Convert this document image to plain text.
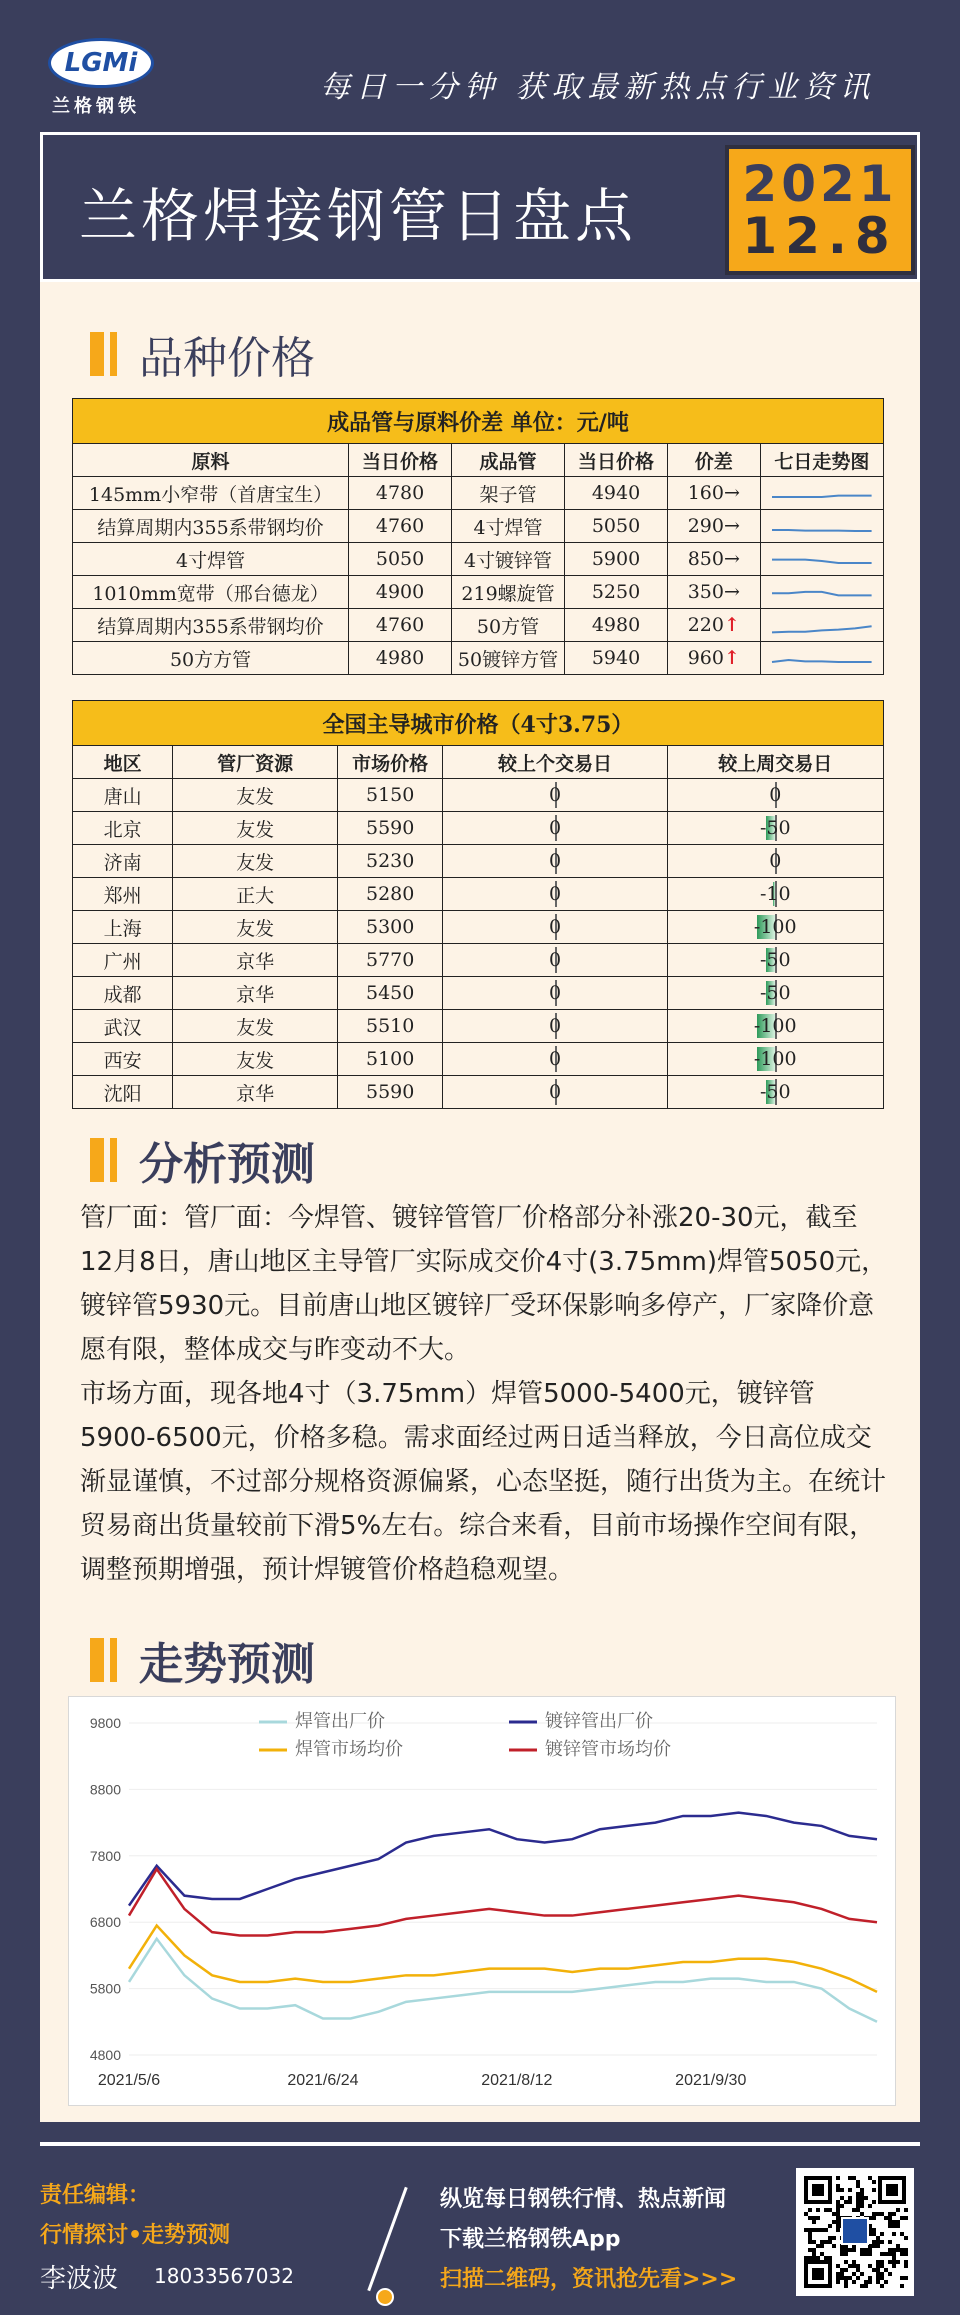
LGMi
兰格钢铁
每日一分钟 获取最新热点行业资讯
兰格焊接钢管日盘点 2021
12.8
品种价格
成品管与原料价差 单位：元/吨					
原料	当日价格	成品管	当日价格	价差	七日走势图
145mm小窄带（首唐宝生）	4780	架子管	4940	160→	
结算周期内355系带钢均价	4760	4寸焊管	5050	290→	
4寸焊管	5050	4寸镀锌管	5900	850→	
1010mm宽带（邢台德龙）	4900	219螺旋管	5250	350→	
结算周期内355系带钢均价	4760	50方管	4980	220↑	
50方方管	4980	50镀锌方管	5940	960↑	
全国主导城市价格（4寸3.75）				
地区	管厂资源	市场价格	较上个交易日	较上周交易日
唐山	友发	5150	0	0
北京	友发	5590	0	-50
济南	友发	5230	0	0
郑州	正大	5280	0	-10
上海	友发	5300	0	-100
广州	京华	5770	0	-50
成都	京华	5450	0	-50
武汉	友发	5510	0	-100
西安	友发	5100	0	-100
沈阳	京华	5590	0	-50
分析预测

管厂面：管厂面：今焊管、镀锌管管厂价格部分补涨20-30元，截至12月8日，唐山地区主导管厂实际成交价4寸(3.75mm)焊管5050元，镀锌管5930元。目前唐山地区镀锌厂受环保影响多停产，厂家降价意愿有限，整体成交与昨变动不大。

市场方面，现各地4寸（3.75mm）焊管5000-5400元，镀锌管5900-6500元，价格多稳。需求面经过两日适当释放，今日高位成交渐显谨慎，不过部分规格资源偏紧，心态坚挺，随行出货为主。在统计贸易商出货量较前下滑5%左右。综合来看，目前市场操作空间有限，调整预期增强，预计焊镀管价格趋稳观望。

走势预测
4800
5800
6800
7800
8800
9800
2021/5/6	2021/6/24	2021/8/12	2021/9/30
焊管出厂价	镀锌管出厂价
焊管市场均价	镀锌管市场均价
责任编辑：
行情探讨•走势预测
李波波 18033567032
纵览每日钢铁行情、热点新闻
下载兰格钢铁App
扫描二维码，资讯抢先看>>>
